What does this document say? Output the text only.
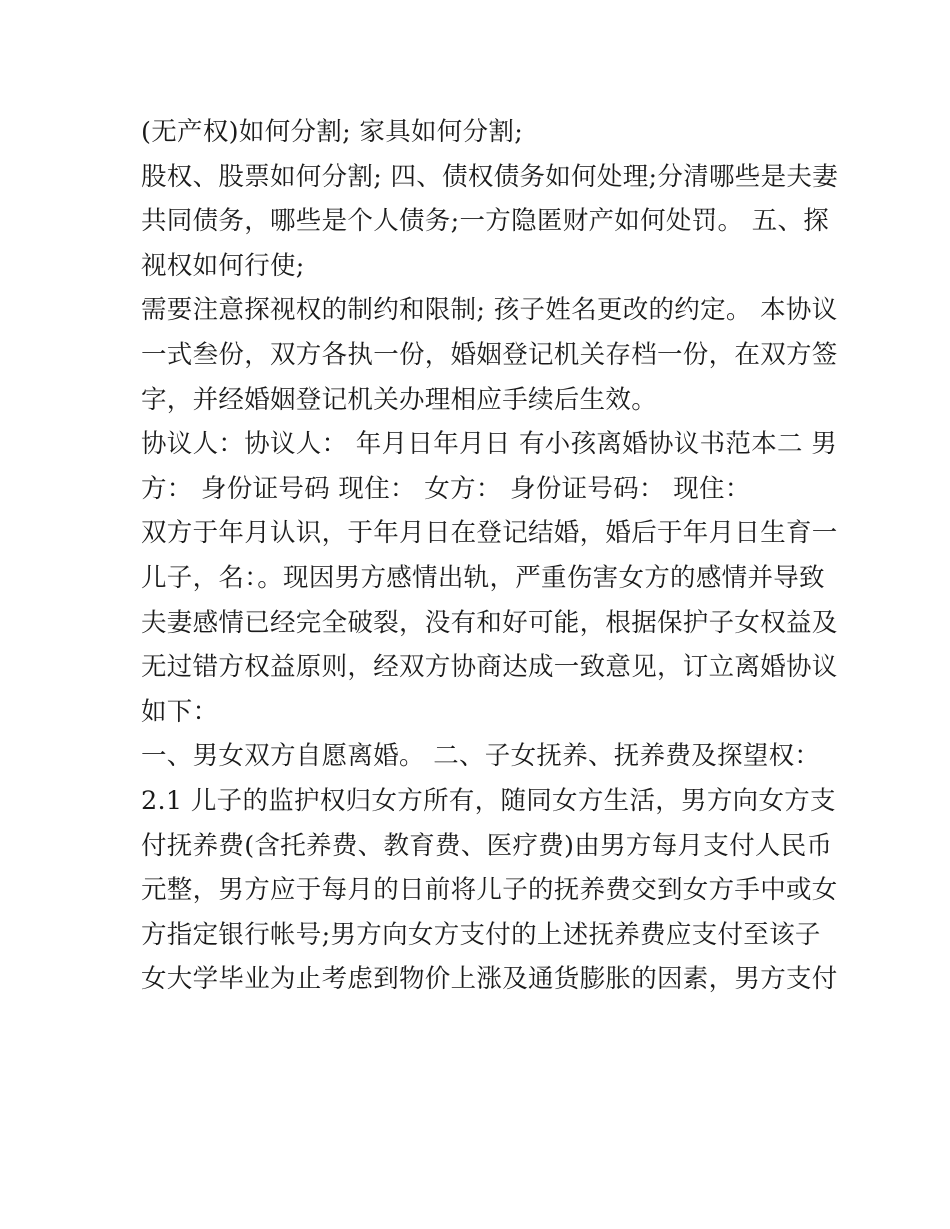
(无产权)如何分割; 家具如何分割;
股权、股票如何分割; 四、债权债务如何处理;分清哪些是夫妻
共同债务，哪些是个人债务;一方隐匿财产如何处罚。 五、探
视权如何行使;
需要注意探视权的制约和限制; 孩子姓名更改的约定。 本协议
一式叁份，双方各执一份，婚姻登记机关存档一份，在双方签
字，并经婚姻登记机关办理相应手续后生效。
协议人：协议人： 年月日年月日 有小孩离婚协议书范本二 男
方： 身份证号码 现住： 女方： 身份证号码： 现住：
双方于年月认识，于年月日在登记结婚，婚后于年月日生育一
儿子，名：。现因男方感情出轨，严重伤害女方的感情并导致
夫妻感情已经完全破裂，没有和好可能，根据保护子女权益及
无过错方权益原则，经双方协商达成一致意见，订立离婚协议
如下：
一、男女双方自愿离婚。 二、子女抚养、抚养费及探望权：
2.1 儿子的监护权归女方所有，随同女方生活，男方向女方支
付抚养费(含托养费、教育费、医疗费)由男方每月支付人民币
元整，男方应于每月的日前将儿子的抚养费交到女方手中或女
方指定银行帐号;男方向女方支付的上述抚养费应支付至该子
女大学毕业为止考虑到物价上涨及通货膨胀的因素，男方支付
